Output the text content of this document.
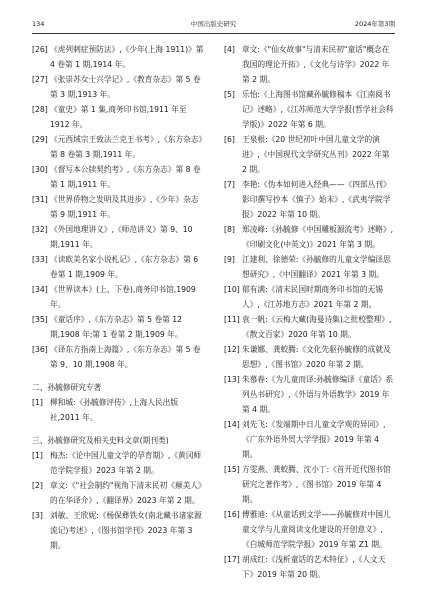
134	中国出版史研究	2024年第3期

[26] 《虎列剌症预防法》,《少年(上海 1911)》第 4 卷第 1 期,1914 年。

[27] 《张崇苏女士兴学记》,《教育杂志》第 5 卷第 3 期,1913 年。

[28] 《童史》第 1 集,商务印书馆,1911 年至 1912 年。

[29] 《元西域宗王致法兰克王书考》,《东方杂志》第 8 卷第 3 期,1911 年。

[30] 《督写本公牍契约考》,《东方杂志》第 8 卷第 1 期,1911 年。

[31] 《世界侨物之发明及其进步》,《少年》杂志第 9 期,1911 年。

[32] 《外国地理讲义》,《师范讲义》第 9、10 期,1911 年。

[33] 《读欧美名家小说札记》,《东方杂志》第 6 卷第 1 期,1909 年。

[34] 《世界读本》(上、下卷),商务印书馆,1909 年。

[35] 《童话序》,《东方杂志》第 5 卷第 12 期,1908 年;第 1 卷第 2 期,1909 年。

[36] 《译东方指南上海篇》,《东方杂志》第 5 卷第 9、10 期,1908 年。

二、孙毓修研究专著

[1] 柳和城:《孙毓修评传》,上海人民出版社,2011 年。

三、孙毓修研究及相关史料文章(期刊类)

[1] 梅杰:《论中国儿童文学的孕育期》,《黄冈师范学院学报》2023 年第 2 期。

[2] 章文:《"社会制约"视角下清末民初《颠美人》的在华译介》,《翻译界》2023 年第 2 期。

[3] 刘敏、王欣妮:《杨保彝铁女(南北藏书诸家源流记)考述》,《图书馆学刊》2023 年第 3 期。

[4] 章文:《"仙女故事"与清末民初"童话"概念在我国的理论开拓》,《文化与诗学》2022 年第 2 期。

[5] 乐怡:《上海图书馆藏孙毓修稿本《江南阅书记》述略》,《江苏师范大学学报(哲学社会科学版)》2022 年第 6 期。

[6] 王泉根:《20 世纪初叶中国儿童文学的演进》,《中国现代文学研究丛刊》2022 年第 2 期。

[7] 李艳:《伪本如何进入经典——《四部丛刊》影印撰写抄本《慎子》始末》,《武夷学院学报》2022 年第 10 期。

[8] 郑凌峰:《孙毓修《中国雕板源流考》述略》,《印刷文化(中英文)》2021 年第 3 期。

[9] 江建利、徐德荣:《孙毓修的儿童文学编译思想研究》,《中国翻译》2021 年第 3 期。

[10] 郁有满:《清末民国时期商务印书馆的无锡人》,《江苏地方志》2021 年第 2 期。

[11] 袁一帆:《云梅大藏(海曼诗集)之批校整理》,《散文百家》2020 年第 10 期。

[12] 朱谦娜、龚蛟腾:《文化先驱孙毓修的成就及思想》,《图书馆》2020 年第 2 期。

[13] 朱慕春:《为儿童而译:孙毓修编译《童话》系列丛书研究》,《外语与外语教学》2019 年第 4 期。

[14] 刘先飞:《发端期中日儿童文学观的异同》,《广东外语外贸大学学报》2019 年第 4 期。

[15] 方雯燕、龚蛟腾、沈小丁:《首开近代图书馆研究之著作考》,《图书馆》2019 年第 4 期。

[16] 傅雅迪:《从童话到文学——孙毓修对中国儿童文学与儿童阅读文化建设的开创意义》,《白城师范学院学报》2019 年第 Z1 期。

[17] 胡成红:《浅析童话的艺术特征》,《人文天下》2019 年第 20 期。
